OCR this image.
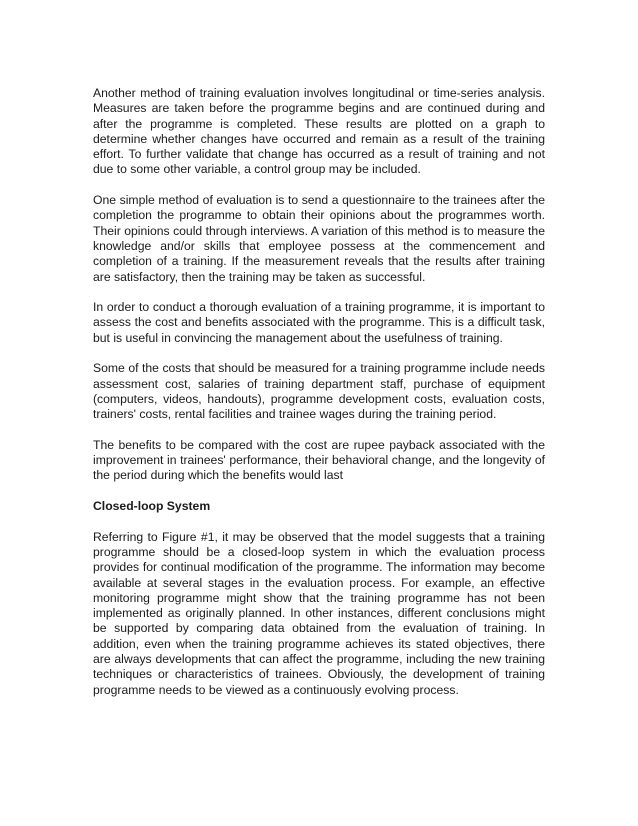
Another method of training evaluation involves longitudinal or time-series analysis. Measures are taken before the programme begins and are continued during and after the programme is completed. These results are plotted on a graph to determine whether changes have occurred and remain as a result of the training effort. To further validate that change has occurred as a result of training and not due to some other variable, a control group may be included.

One simple method of evaluation is to send a questionnaire to the trainees after the completion the programme to obtain their opinions about the programmes worth. Their opinions could through interviews. A variation of this method is to measure the knowledge and/or skills that employee possess at the commencement and completion of a training. If the measurement reveals that the results after training are satisfactory, then the training may be taken as successful.

In order to conduct a thorough evaluation of a training programme, it is important to assess the cost and benefits associated with the programme. This is a difficult task, but is useful in convincing the management about the usefulness of training.

Some of the costs that should be measured for a training programme include needs assessment cost, salaries of training department staff, purchase of equipment (computers, videos, handouts), programme development costs, evaluation costs, trainers' costs, rental facilities and trainee wages during the training period.

The benefits to be compared with the cost are rupee payback associated with the improvement in trainees' performance, their behavioral change, and the longevity of the period during which the benefits would last

Closed-loop System

Referring to Figure #1, it may be observed that the model suggests that a training programme should be a closed-loop system in which the evaluation process provides for continual modification of the programme. The information may become available at several stages in the evaluation process. For example, an effective monitoring programme might show that the training programme has not been implemented as originally planned. In other instances, different conclusions might be supported by comparing data obtained from the evaluation of training. In addition, even when the training programme achieves its stated objectives, there are always developments that can affect the programme, including the new training techniques or characteristics of trainees. Obviously, the development of training programme needs to be viewed as a continuously evolving process.
